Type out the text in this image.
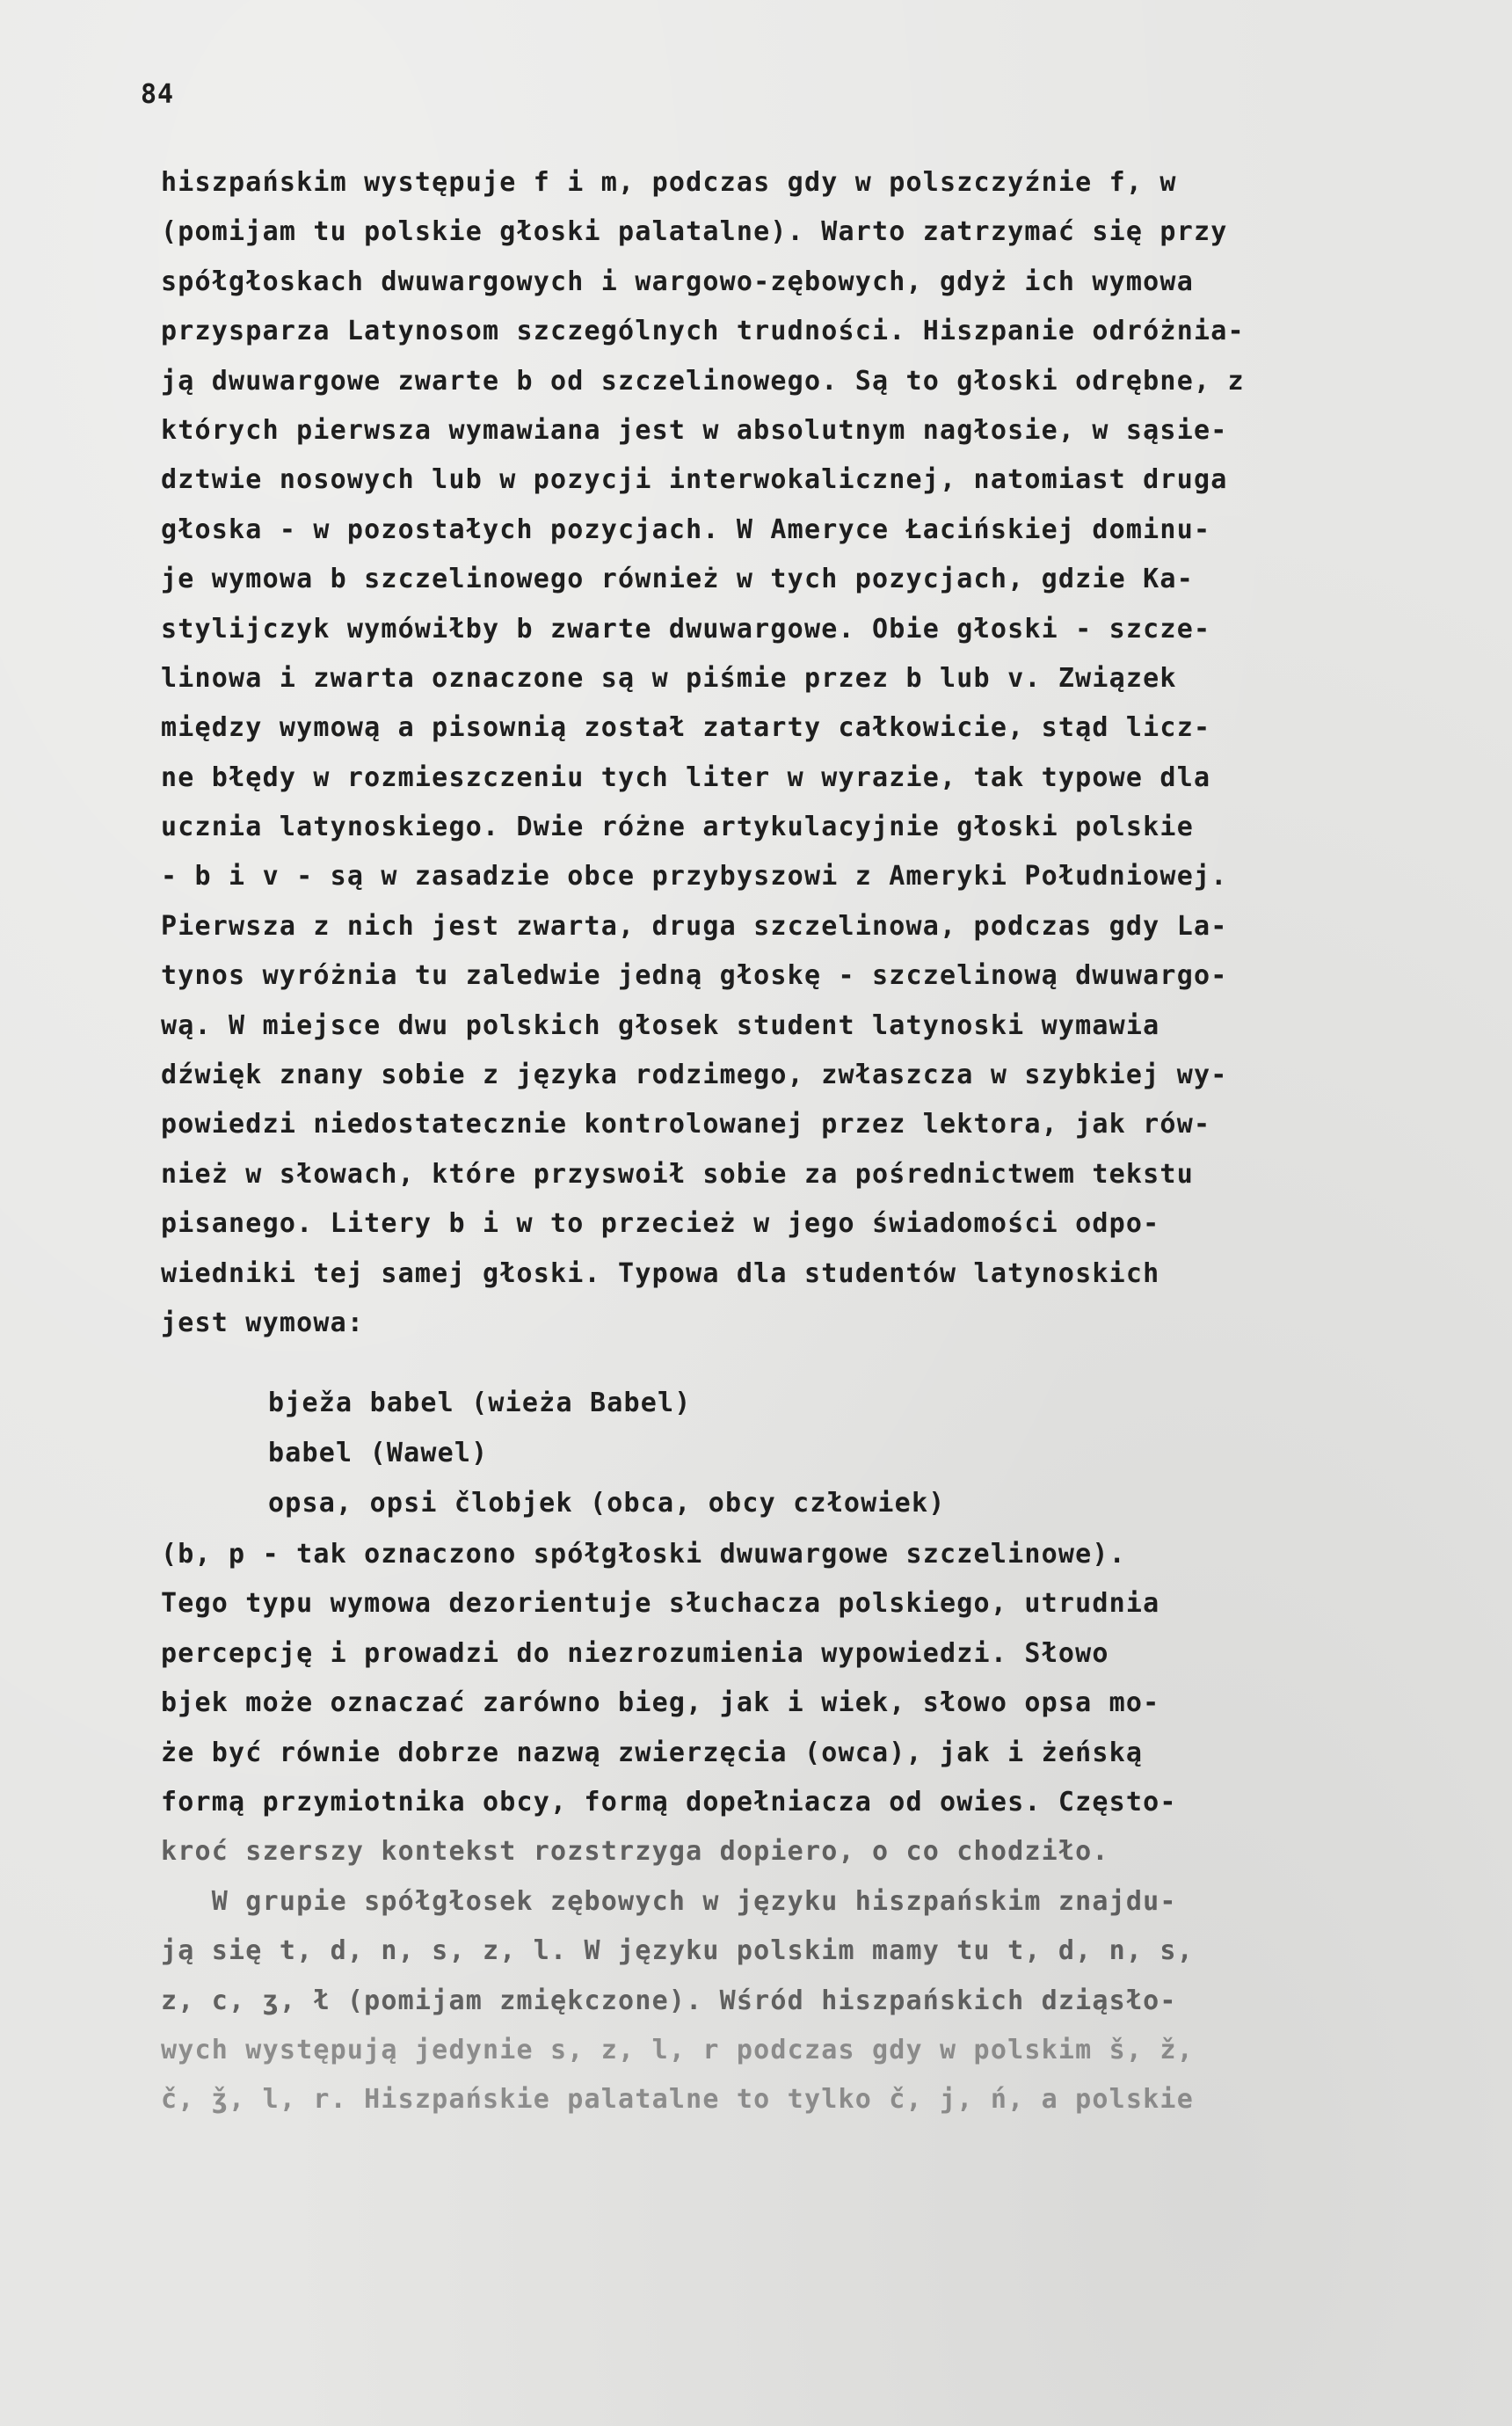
84

hiszpańskim występuje f i m, podczas gdy w polszczyźnie f, w

(pomijam tu polskie głoski palatalne). Warto zatrzymać się przy

spółgłoskach dwuwargowych i wargowo-zębowych, gdyż ich wymowa

przysparza Latynosom szczególnych trudności. Hiszpanie odróżnia-

ją dwuwargowe zwarte b od szczelinowego. Są to głoski odrębne, z

których pierwsza wymawiana jest w absolutnym nagłosie, w sąsie-

dztwie nosowych lub w pozycji interwokalicznej, natomiast druga

głoska - w pozostałych pozycjach. W Ameryce Łacińskiej dominu-

je wymowa b szczelinowego również w tych pozycjach, gdzie Ka-

stylijczyk wymówiłby b zwarte dwuwargowe. Obie głoski - szcze-

linowa i zwarta oznaczone są w piśmie przez b lub v. Związek

między wymową a pisownią został zatarty całkowicie, stąd licz-

ne błędy w rozmieszczeniu tych liter w wyrazie, tak typowe dla

ucznia latynoskiego. Dwie różne artykulacyjnie głoski polskie

- b i v - są w zasadzie obce przybyszowi z Ameryki Południowej.

Pierwsza z nich jest zwarta, druga szczelinowa, podczas gdy La-

tynos wyróżnia tu zaledwie jedną głoskę - szczelinową dwuwargo-

wą. W miejsce dwu polskich głosek student latynoski wymawia

dźwięk znany sobie z języka rodzimego, zwłaszcza w szybkiej wy-

powiedzi niedostatecznie kontrolowanej przez lektora, jak rów-

nież w słowach, które przyswoił sobie za pośrednictwem tekstu

pisanego. Litery b i w to przecież w jego świadomości odpo-

wiedniki tej samej głoski. Typowa dla studentów latynoskich

jest wymowa:

bježa babel (wieża Babel)

babel (Wawel)

opsa, opsi člobjek (obca, obcy człowiek)

(b, p - tak oznaczono spółgłoski dwuwargowe szczelinowe).

Tego typu wymowa dezorientuje słuchacza polskiego, utrudnia

percepcję i prowadzi do niezrozumienia wypowiedzi. Słowo

bjek może oznaczać zarówno bieg, jak i wiek, słowo opsa mo-

że być równie dobrze nazwą zwierzęcia (owca), jak i żeńską

formą przymiotnika obcy, formą dopełniacza od owies. Często-

kroć szerszy kontekst rozstrzyga dopiero, o co chodziło.

W grupie spółgłosek zębowych w języku hiszpańskim znajdu-

ją się t, d, n, s, z, l. W języku polskim mamy tu t, d, n, s,

z, c, ʒ, ł (pomijam zmiękczone). Wśród hiszpańskich dziąsło-

wych występują jedynie s, z, l, r podczas gdy w polskim š, ž,

č, ǯ, l, r. Hiszpańskie palatalne to tylko č, j, ń, a polskie
